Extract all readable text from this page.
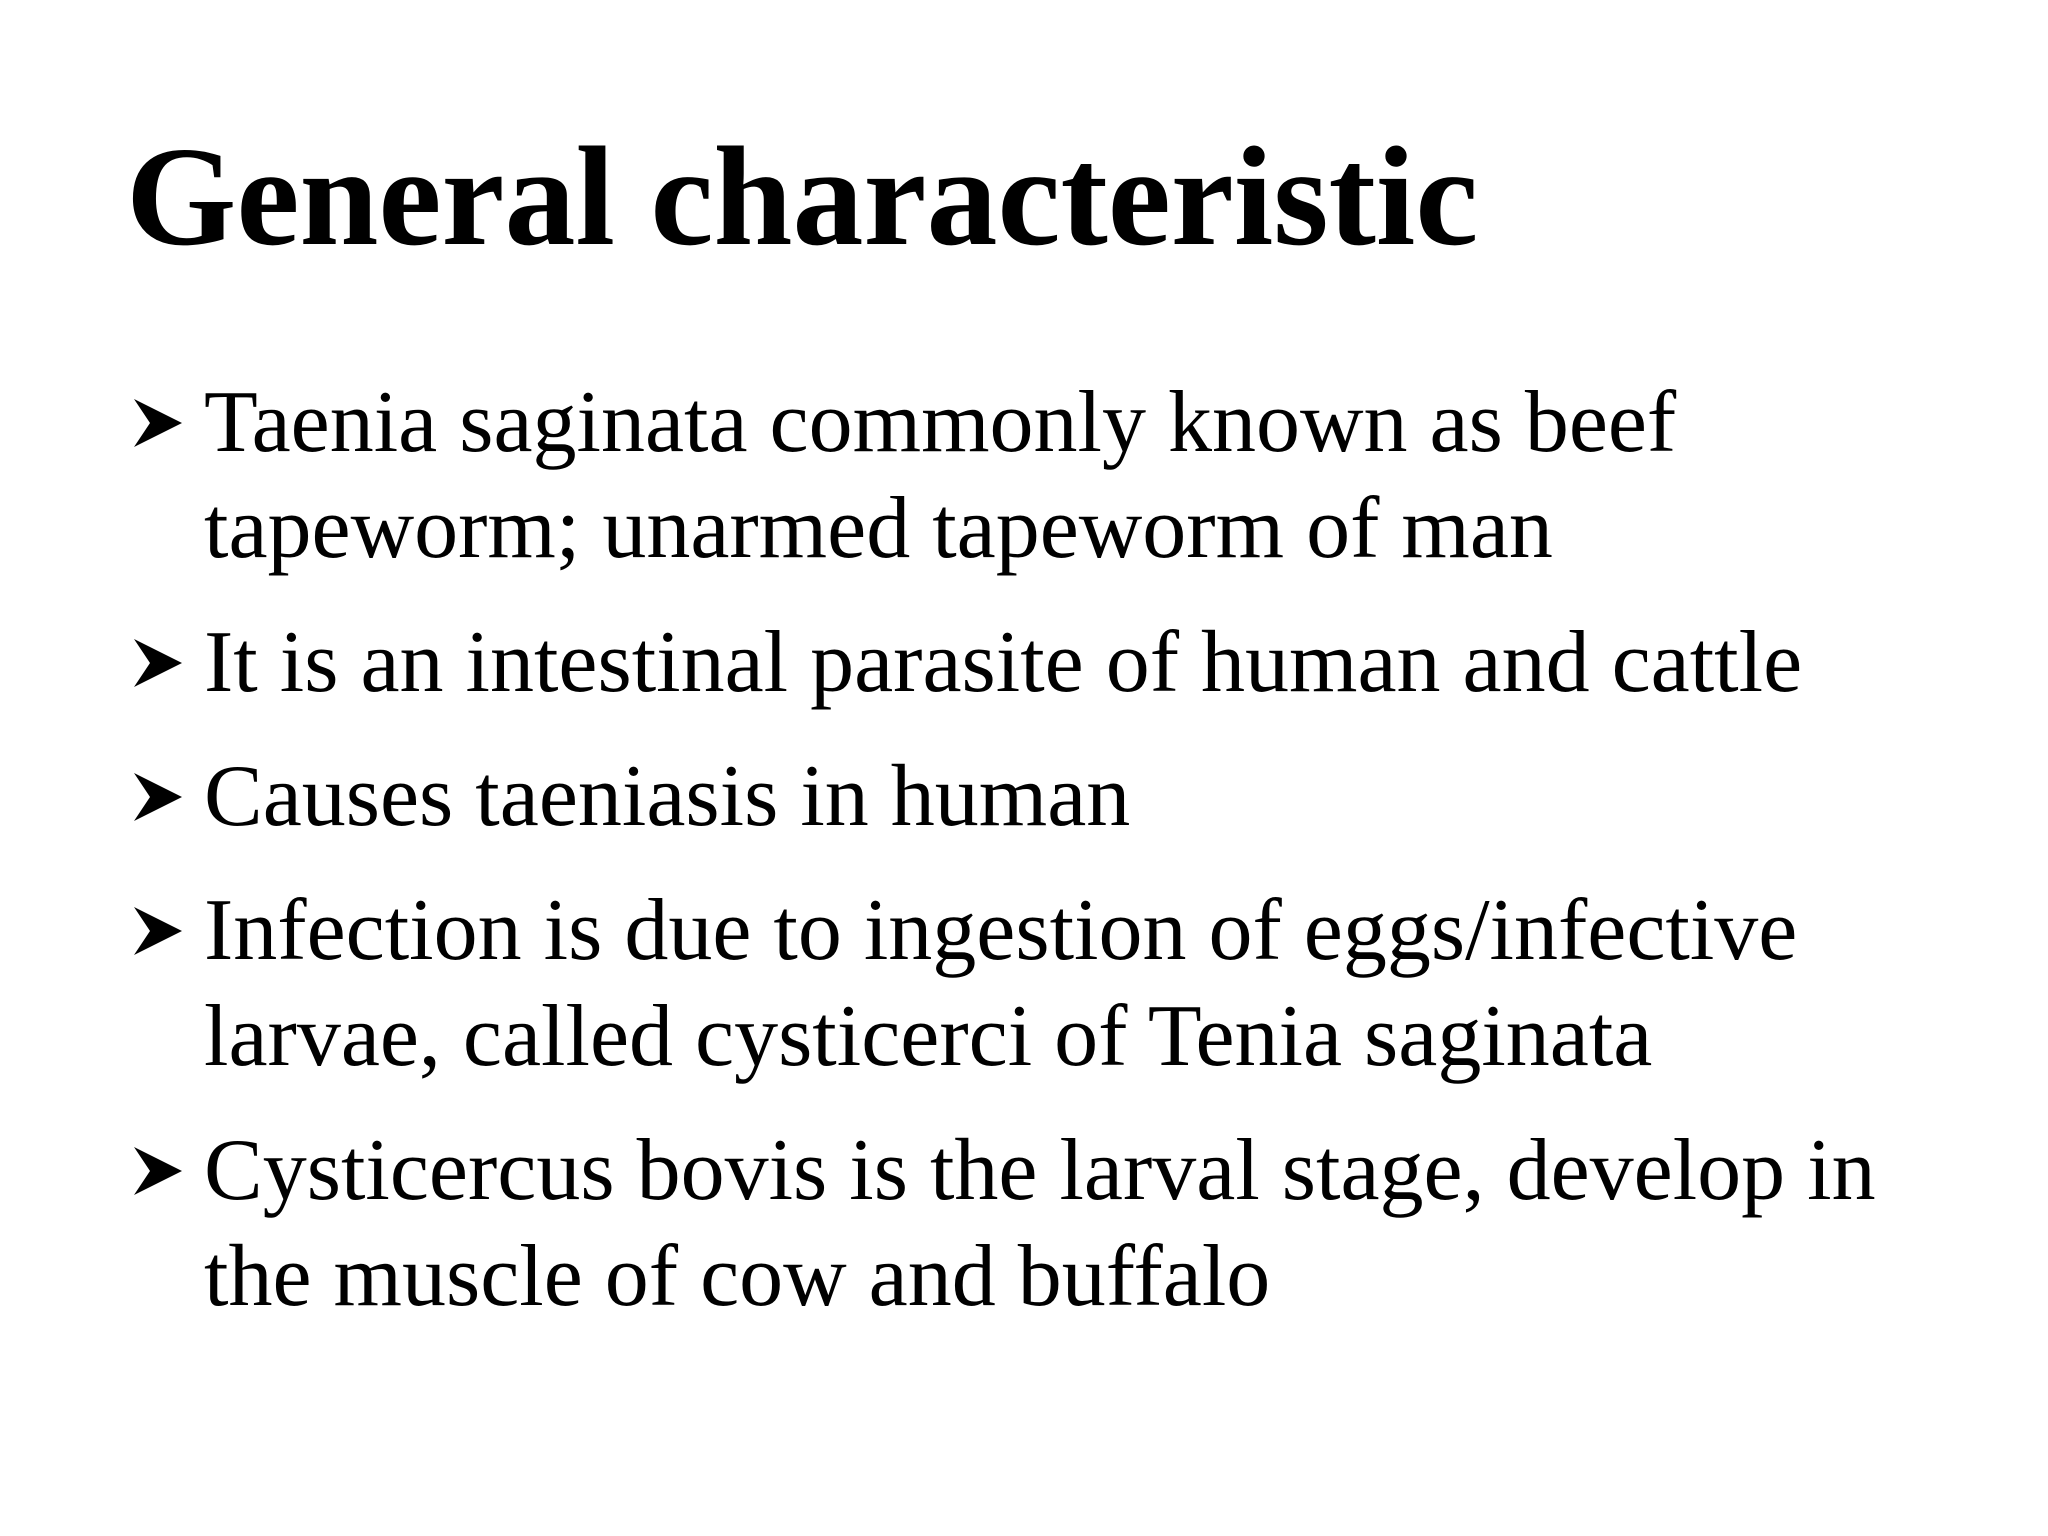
General characteristic
Taenia saginata commonly known as beef tapeworm; unarmed tapeworm of man
It is an intestinal parasite of human and cattle
Causes taeniasis in human
Infection is due to ingestion of eggs/infective larvae, called cysticerci of Tenia saginata
Cysticercus bovis is the larval stage, develop in the muscle of cow and buffalo
